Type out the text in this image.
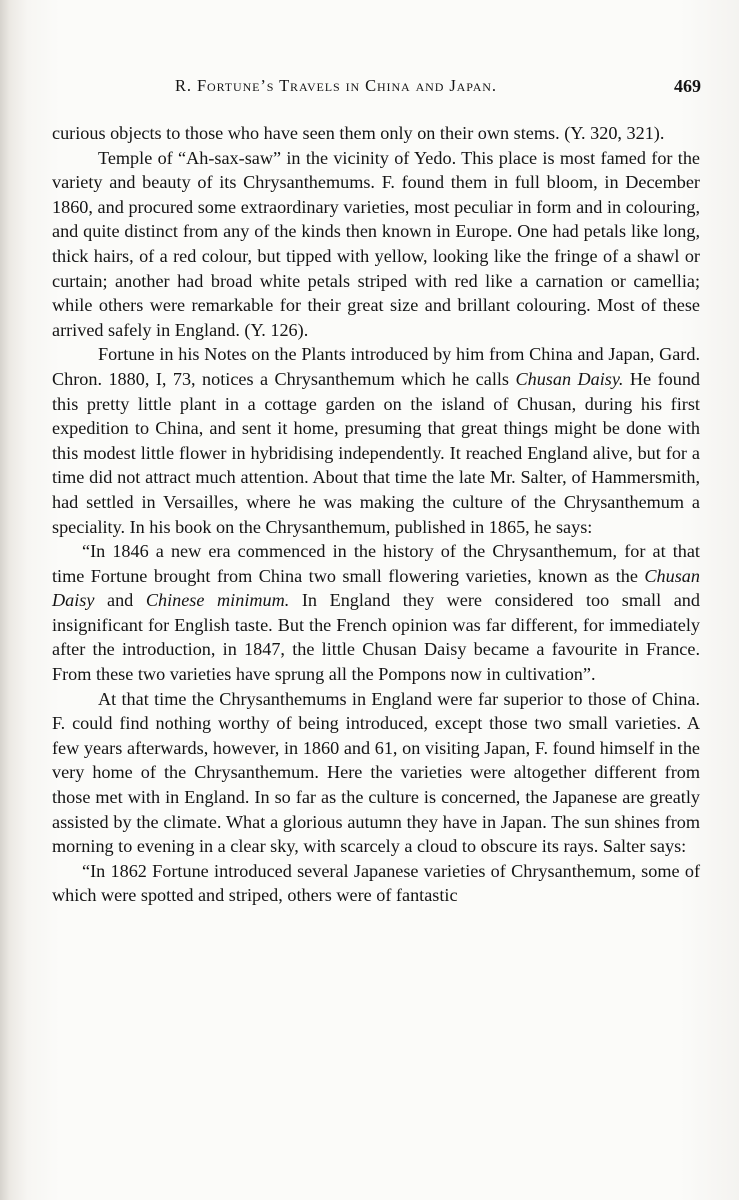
R. Fortune’s Travels in China and Japan.	469

curious objects to those who have seen them only on their own stems. (Y. 320, 321).

Temple of “Ah-sax-saw” in the vicinity of Yedo. This place is most famed for the variety and beauty of its Chrysanthemums. F. found them in full bloom, in December 1860, and procured some extraordinary varieties, most peculiar in form and in colouring, and quite distinct from any of the kinds then known in Europe. One had petals like long, thick hairs, of a red colour, but tipped with yellow, looking like the fringe of a shawl or curtain; another had broad white petals striped with red like a carnation or camellia; while others were remarkable for their great size and brillant colouring. Most of these arrived safely in England. (Y. 126).

Fortune in his Notes on the Plants introduced by him from China and Japan, Gard. Chron. 1880, I, 73, notices a Chrysanthemum which he calls Chusan Daisy. He found this pretty little plant in a cottage garden on the island of Chusan, during his first expedition to China, and sent it home, presuming that great things might be done with this modest little flower in hybridising independently. It reached England alive, but for a time did not attract much attention. About that time the late Mr. Salter, of Hammersmith, had settled in Versailles, where he was making the culture of the Chrysanthemum a speciality. In his book on the Chrysanthemum, published in 1865, he says:

“In 1846 a new era commenced in the history of the Chrysanthemum, for at that time Fortune brought from China two small flowering varieties, known as the Chusan Daisy and Chinese minimum. In England they were considered too small and insignificant for English taste. But the French opinion was far different, for immediately after the introduction, in 1847, the little Chusan Daisy became a favourite in France. From these two varieties have sprung all the Pompons now in cultivation”.

At that time the Chrysanthemums in England were far superior to those of China. F. could find nothing worthy of being introduced, except those two small varieties. A few years afterwards, however, in 1860 and 61, on visiting Japan, F. found himself in the very home of the Chrysanthemum. Here the varieties were altogether different from those met with in England. In so far as the culture is concerned, the Japanese are greatly assisted by the climate. What a glorious autumn they have in Japan. The sun shines from morning to evening in a clear sky, with scarcely a cloud to obscure its rays. Salter says:

“In 1862 Fortune introduced several Japanese varieties of Chrysanthemum, some of which were spotted and striped, others were of fantastic
